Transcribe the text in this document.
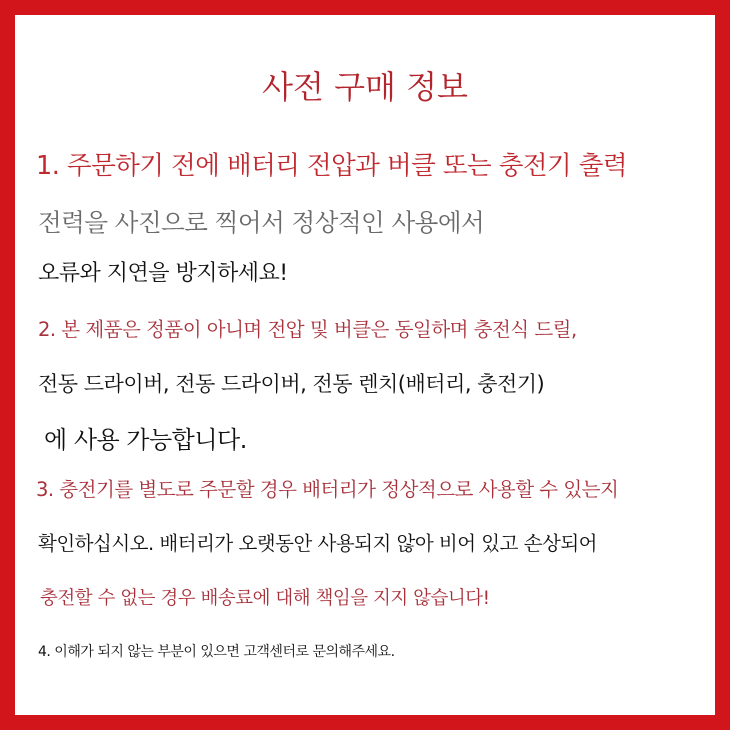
사전 구매 정보
1. 주문하기 전에 배터리 전압과 버클 또는 충전기 출력
전력을 사진으로 찍어서 정상적인 사용에서
오류와 지연을 방지하세요!
2. 본 제품은 정품이 아니며 전압 및 버클은 동일하며 충전식 드릴,
전동 드라이버, 전동 드라이버, 전동 렌치(배터리, 충전기)
에 사용 가능합니다.
3. 충전기를 별도로 주문할 경우 배터리가 정상적으로 사용할 수 있는지
확인하십시오. 배터리가 오랫동안 사용되지 않아 비어 있고 손상되어
충전할 수 없는 경우 배송료에 대해 책임을 지지 않습니다!
4. 이해가 되지 않는 부분이 있으면 고객센터로 문의해주세요.
